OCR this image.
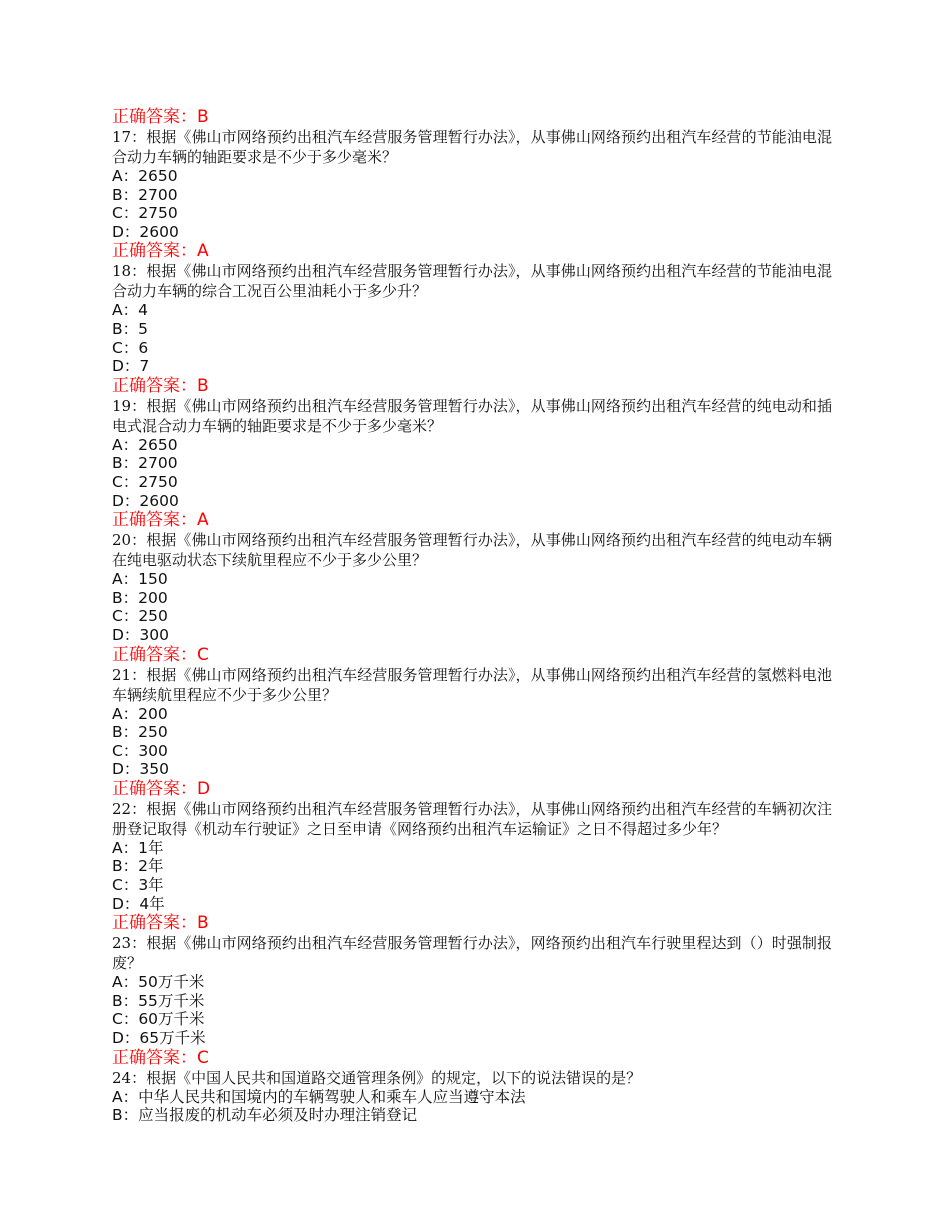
正确答案：B

17：根据《佛山市网络预约出租汽车经营服务管理暂行办法》，从事佛山网络预约出租汽车经营的节能油电混合动力车辆的轴距要求是不少于多少毫米？

A：2650
B：2700
C：2750
D：2600
正确答案：A

18：根据《佛山市网络预约出租汽车经营服务管理暂行办法》，从事佛山网络预约出租汽车经营的节能油电混合动力车辆的综合工况百公里油耗小于多少升？

A：4
B：5
C：6
D：7
正确答案：B

19：根据《佛山市网络预约出租汽车经营服务管理暂行办法》，从事佛山网络预约出租汽车经营的纯电动和插电式混合动力车辆的轴距要求是不少于多少毫米？

A：2650
B：2700
C：2750
D：2600
正确答案：A

20：根据《佛山市网络预约出租汽车经营服务管理暂行办法》，从事佛山网络预约出租汽车经营的纯电动车辆在纯电驱动状态下续航里程应不少于多少公里？

A：150
B：200
C：250
D：300
正确答案：C

21：根据《佛山市网络预约出租汽车经营服务管理暂行办法》，从事佛山网络预约出租汽车经营的氢燃料电池车辆续航里程应不少于多少公里？

A：200
B：250
C：300
D：350
正确答案：D

22：根据《佛山市网络预约出租汽车经营服务管理暂行办法》，从事佛山网络预约出租汽车经营的车辆初次注册登记取得《机动车行驶证》之日至申请《网络预约出租汽车运输证》之日不得超过多少年？

A：1年
B：2年
C：3年
D：4年
正确答案：B

23：根据《佛山市网络预约出租汽车经营服务管理暂行办法》，网络预约出租汽车行驶里程达到（）时强制报废？

A：50万千米
B：55万千米
C：60万千米
D：65万千米
正确答案：C

24：根据《中国人民共和国道路交通管理条例》的规定，以下的说法错误的是？

A：中华人民共和国境内的车辆驾驶人和乘车人应当遵守本法
B：应当报废的机动车必须及时办理注销登记
